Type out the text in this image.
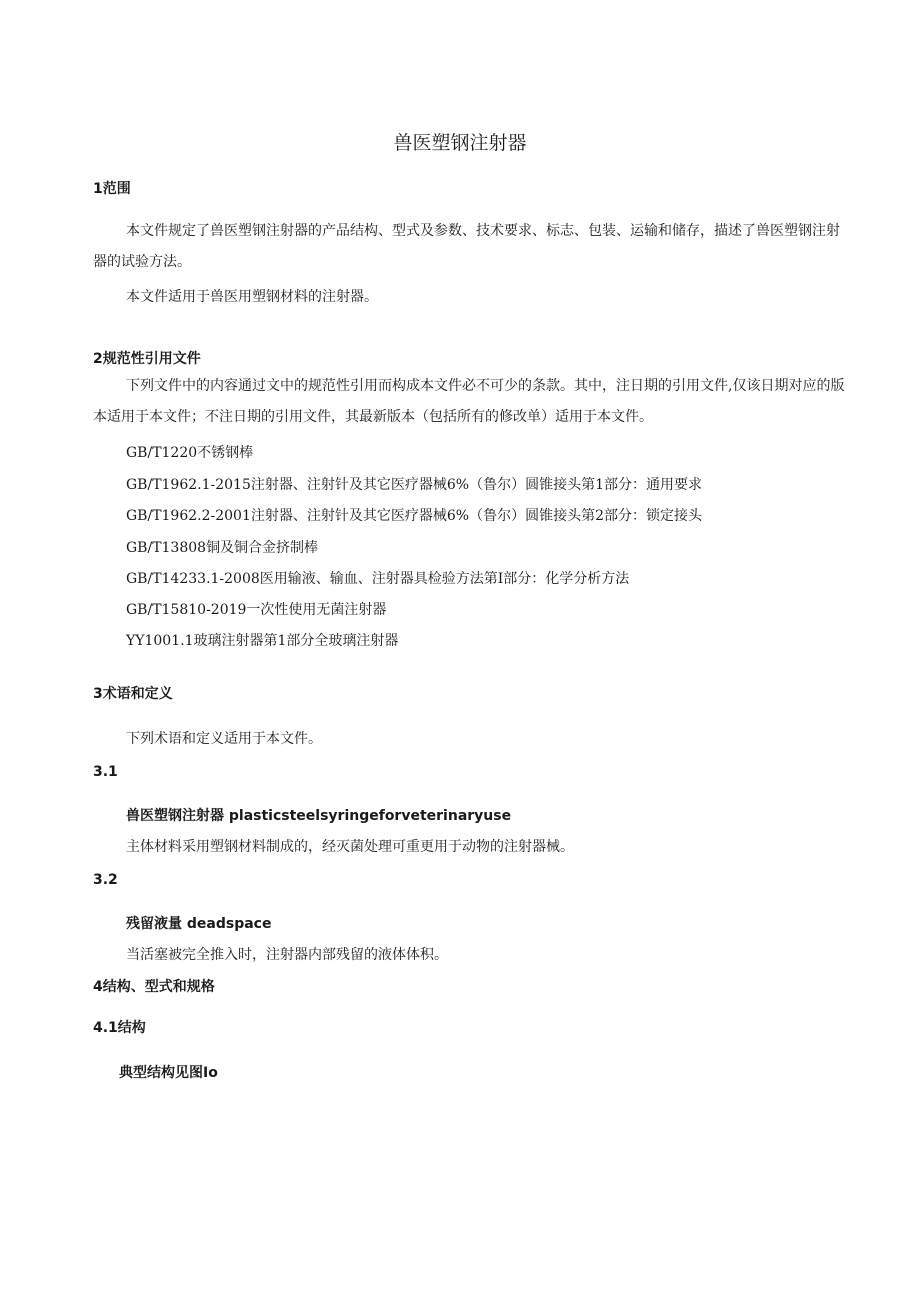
兽医塑钢注射器
1范围
本文件规定了兽医塑钢注射器的产品结构、型式及参数、技术要求、标志、包装、运输和储存，描述了兽医塑钢注射器的试验方法。
本文件适用于兽医用塑钢材料的注射器。
2规范性引用文件
下列文件中的内容通过文中的规范性引用而构成本文件必不可少的条款。其中，注日期的引用文件,仅该日期对应的版本适用于本文件；不注日期的引用文件，其最新版本（包括所有的修改单）适用于本文件。
GB/T1220不锈钢棒
GB/T1962.1-2015注射器、注射针及其它医疗器械6%（鲁尔）圆锥接头第1部分：通用要求
GB/T1962.2-2001注射器、注射针及其它医疗器械6%（鲁尔）圆锥接头第2部分：锁定接头
GB/T13808铜及铜合金挤制棒
GB/T14233.1-2008医用输液、输血、注射器具检验方法第I部分：化学分析方法
GB/T15810-2019一次性使用无菌注射器
YY1001.1玻璃注射器第1部分全玻璃注射器
3术语和定义
下列术语和定义适用于本文件。
3.1
兽医塑钢注射器 plasticsteelsyringeforveterinaryuse
主体材料采用塑钢材料制成的，经灭菌处理可重更用于动物的注射器械。
3.2
残留液量 deadspace
当活塞被完全推入时，注射器内部残留的液体体积。
4结构、型式和规格
4.1结构
典型结构见图Io
